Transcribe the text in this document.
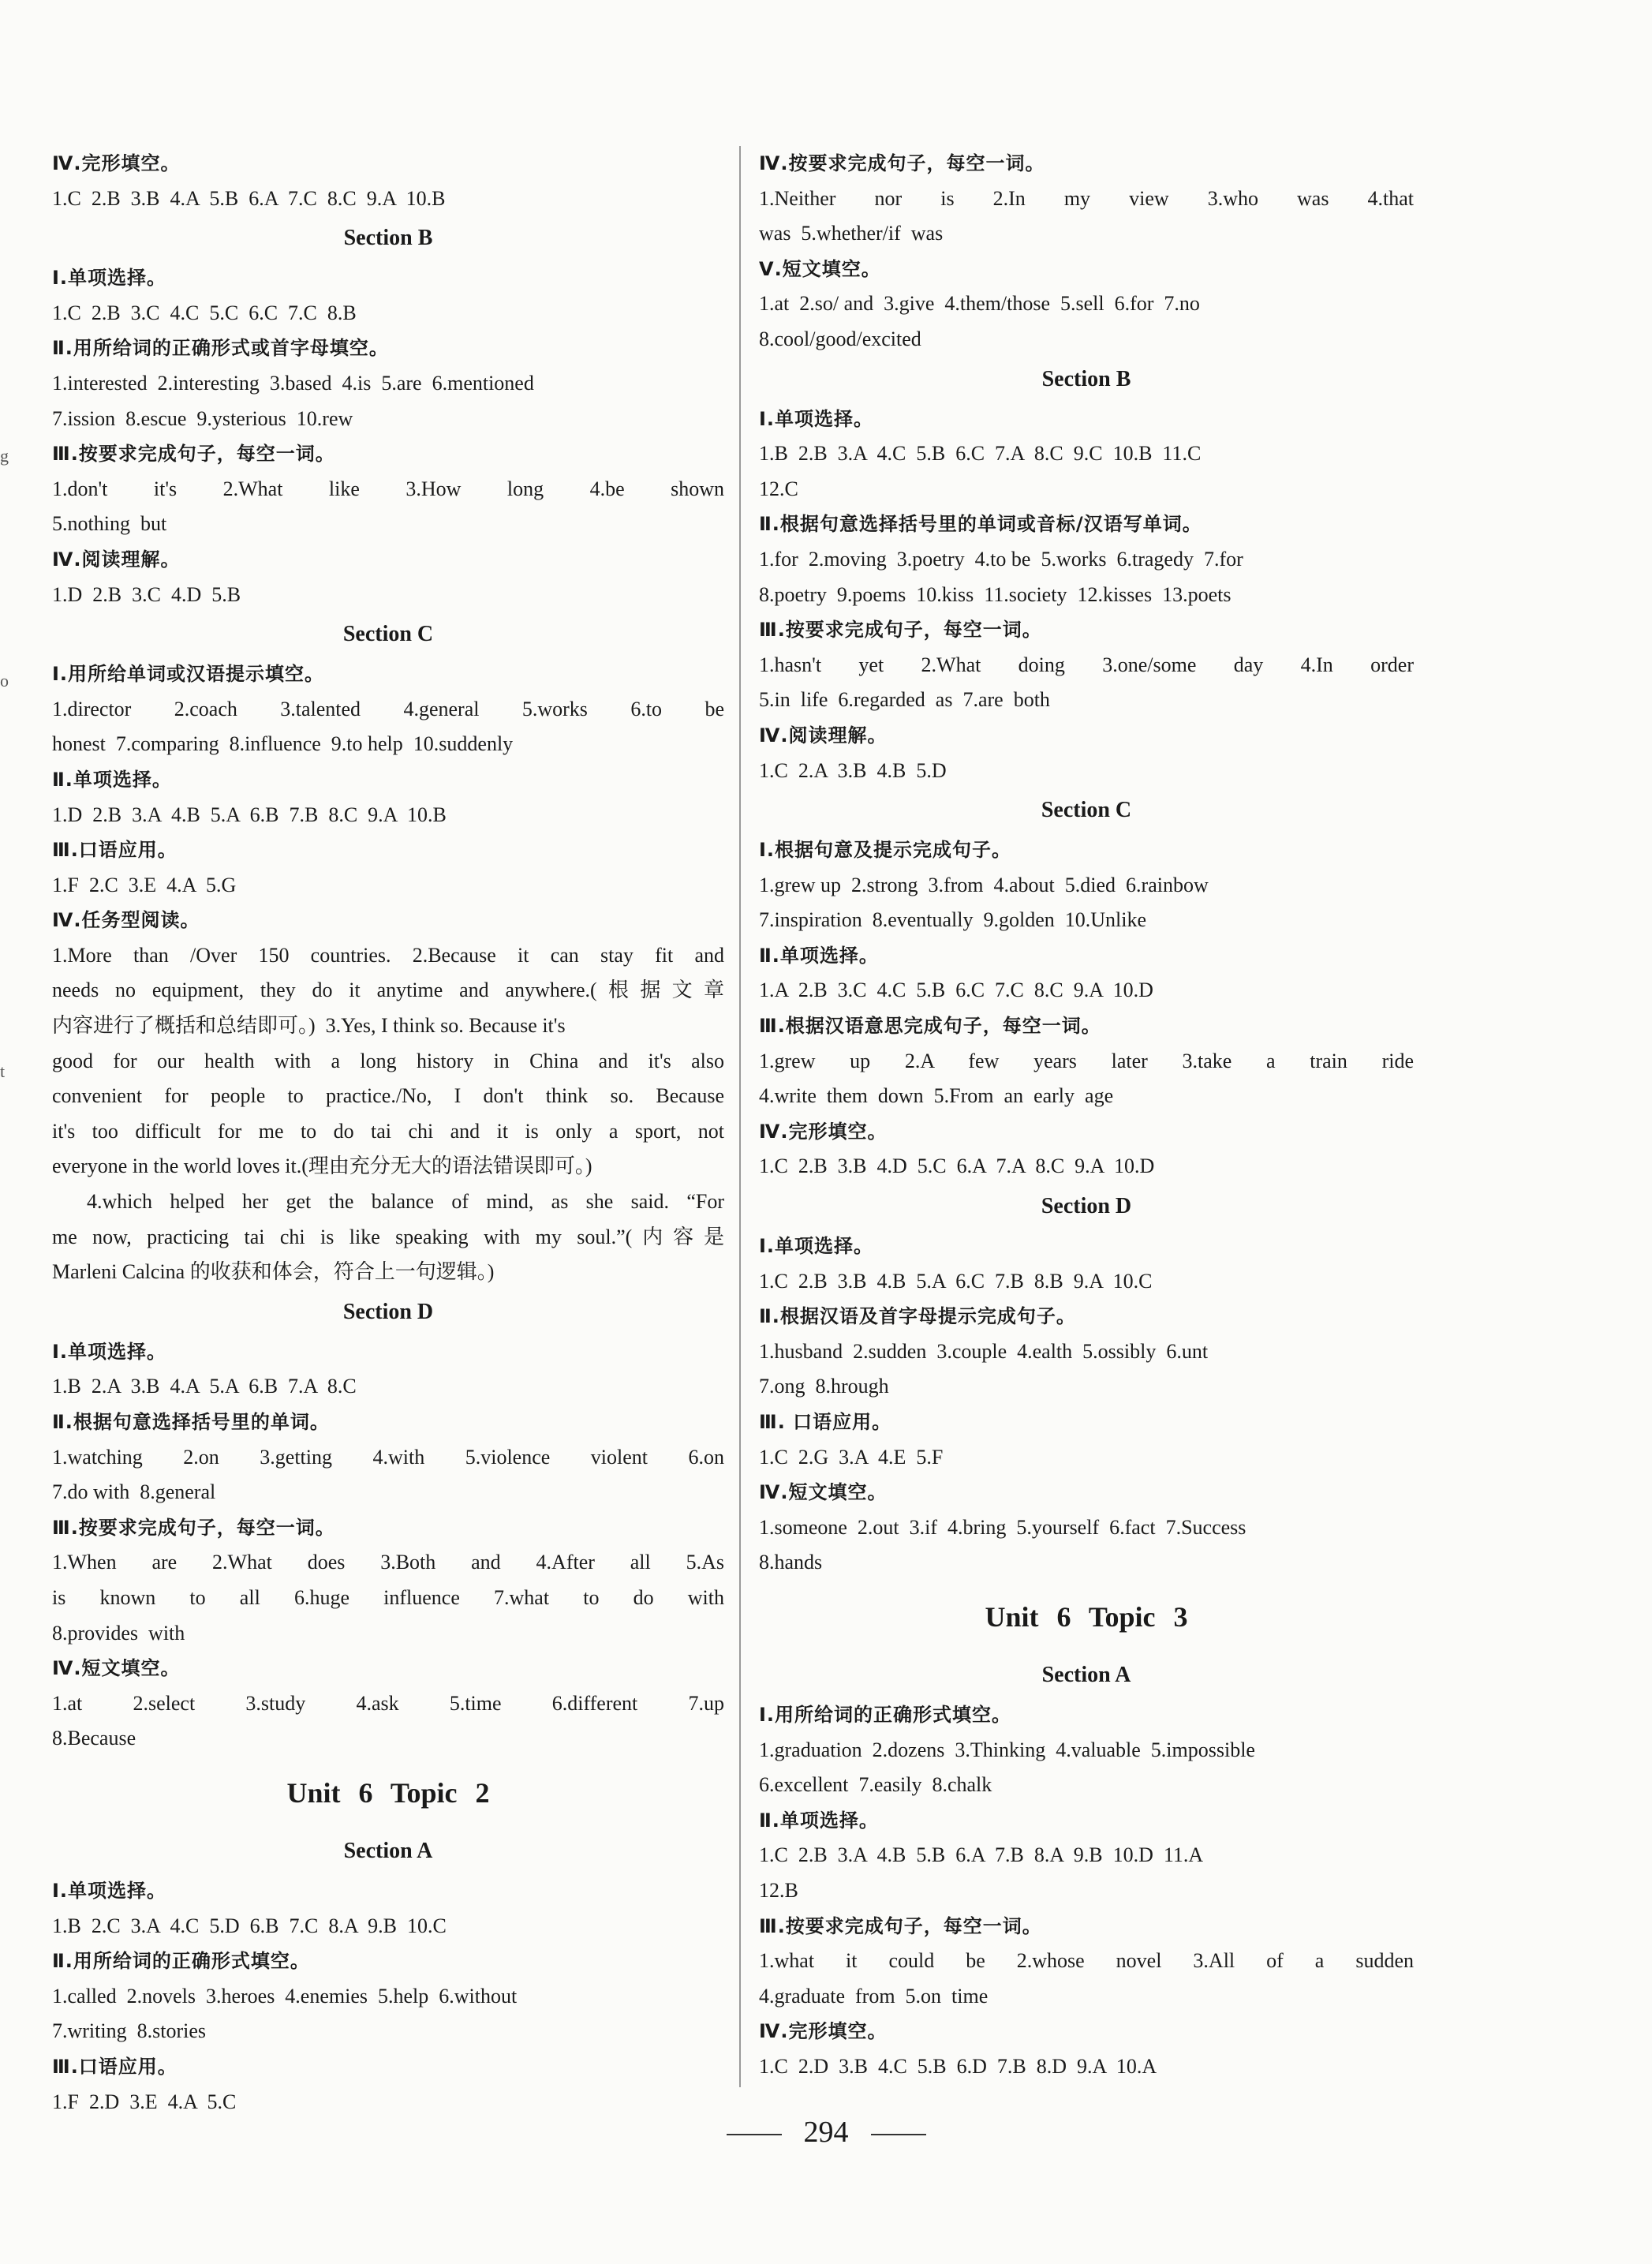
Ⅳ.完形填空。
1.C  2.B  3.B  4.A  5.B  6.A  7.C  8.C  9.A  10.B
Section B
Ⅰ.单项选择。
1.C  2.B  3.C  4.C  5.C  6.C  7.C  8.B
Ⅱ.用所给词的正确形式或首字母填空。
1.interested  2.interesting  3.based  4.is  5.are  6.mentioned
7.ission  8.escue  9.ysterious  10.rew
Ⅲ.按要求完成句子，每空一词。
1.don't it's 2.What like 3.How long 4.be shown
5.nothing  but
Ⅳ.阅读理解。
1.D  2.B  3.C  4.D  5.B
Section C
Ⅰ.用所给单词或汉语提示填空。
1.director 2.coach 3.talented 4.general 5.works 6.to be
honest  7.comparing  8.influence  9.to help  10.suddenly
Ⅱ.单项选择。
1.D  2.B  3.A  4.B  5.A  6.B  7.B  8.C  9.A  10.B
Ⅲ.口语应用。
1.F  2.C  3.E  4.A  5.G
Ⅳ.任务型阅读。
1.More than /Over 150 countries. 2.Because it can stay fit and
needs no equipment, they do it anytime and anywhere.(根据文章
内容进行了概括和总结即可。)  3.Yes, I think so. Because it's
good for our health with a long history in China and it's also
convenient for people to practice./No, I don't think so. Because
it's too difficult for me to do tai chi and it is only a sport, not
everyone in the world loves it.(理由充分无大的语法错误即可。)
4.which helped her get the balance of mind, as she said. “For
me now, practicing tai chi is like speaking with my soul.”(内容是
Marleni Calcina 的收获和体会，符合上一句逻辑。)
Section D
Ⅰ.单项选择。
1.B  2.A  3.B  4.A  5.A  6.B  7.A  8.C
Ⅱ.根据句意选择括号里的单词。
1.watching 2.on 3.getting 4.with 5.violence violent 6.on
7.do with  8.general
Ⅲ.按要求完成句子，每空一词。
1.When are 2.What does 3.Both and 4.After all 5.As
is known to all 6.huge influence 7.what to do with
8.provides  with
Ⅳ.短文填空。
1.at 2.select 3.study 4.ask 5.time 6.different 7.up
8.Because
Unit 6 Topic 2
Section A
Ⅰ.单项选择。
1.B  2.C  3.A  4.C  5.D  6.B  7.C  8.A  9.B  10.C
Ⅱ.用所给词的正确形式填空。
1.called  2.novels  3.heroes  4.enemies  5.help  6.without
7.writing  8.stories
Ⅲ.口语应用。
1.F  2.D  3.E  4.A  5.C
Ⅳ.按要求完成句子，每空一词。
1.Neither nor is 2.In my view 3.who was 4.that
was  5.whether/if  was
Ⅴ.短文填空。
1.at  2.so/ and  3.give  4.them/those  5.sell  6.for  7.no
8.cool/good/excited
Section B
Ⅰ.单项选择。
1.B  2.B  3.A  4.C  5.B  6.C  7.A  8.C  9.C  10.B  11.C
12.C
Ⅱ.根据句意选择括号里的单词或音标/汉语写单词。
1.for  2.moving  3.poetry  4.to be  5.works  6.tragedy  7.for
8.poetry  9.poems  10.kiss  11.society  12.kisses  13.poets
Ⅲ.按要求完成句子，每空一词。
1.hasn't yet 2.What doing 3.one/some day 4.In order
5.in  life  6.regarded  as  7.are  both
Ⅳ.阅读理解。
1.C  2.A  3.B  4.B  5.D
Section C
Ⅰ.根据句意及提示完成句子。
1.grew up  2.strong  3.from  4.about  5.died  6.rainbow
7.inspiration  8.eventually  9.golden  10.Unlike
Ⅱ.单项选择。
1.A  2.B  3.C  4.C  5.B  6.C  7.C  8.C  9.A  10.D
Ⅲ.根据汉语意思完成句子，每空一词。
1.grew up 2.A few years later 3.take a train ride
4.write  them  down  5.From  an  early  age
Ⅳ.完形填空。
1.C  2.B  3.B  4.D  5.C  6.A  7.A  8.C  9.A  10.D
Section D
Ⅰ.单项选择。
1.C  2.B  3.B  4.B  5.A  6.C  7.B  8.B  9.A  10.C
Ⅱ.根据汉语及首字母提示完成句子。
1.husband  2.sudden  3.couple  4.ealth  5.ossibly  6.unt
7.ong  8.hrough
Ⅲ. 口语应用。
1.C  2.G  3.A  4.E  5.F
Ⅳ.短文填空。
1.someone  2.out  3.if  4.bring  5.yourself  6.fact  7.Success
8.hands
Unit 6 Topic 3
Section A
Ⅰ.用所给词的正确形式填空。
1.graduation  2.dozens  3.Thinking  4.valuable  5.impossible
6.excellent  7.easily  8.chalk
Ⅱ.单项选择。
1.C  2.B  3.A  4.B  5.B  6.A  7.B  8.A  9.B  10.D  11.A
12.B
Ⅲ.按要求完成句子，每空一词。
1.what it could be 2.whose novel 3.All of a sudden
4.graduate  from  5.on  time
Ⅳ.完形填空。
1.C  2.D  3.B  4.C  5.B  6.D  7.B  8.D  9.A  10.A
g
o
t
294
